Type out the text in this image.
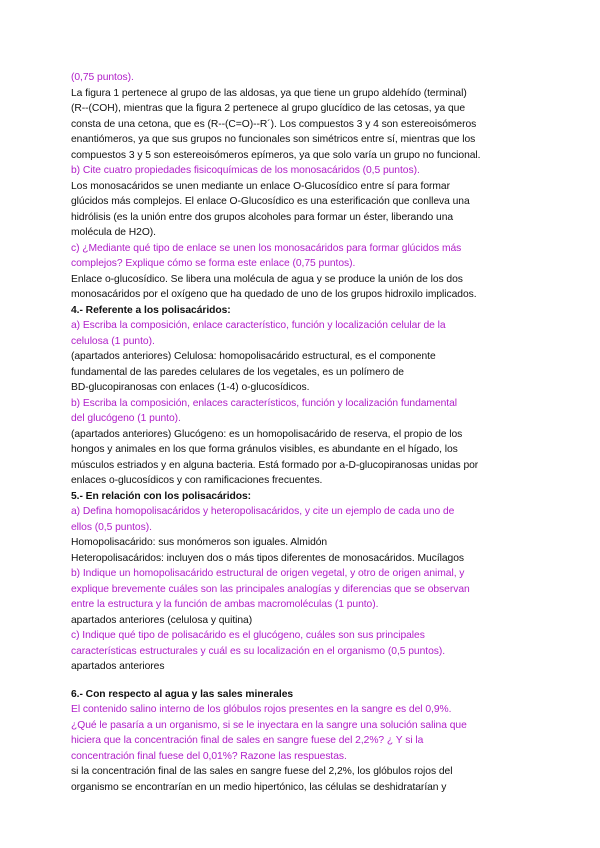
(0,75 puntos).
La figura 1 pertenece al grupo de las aldosas, ya que tiene un grupo aldehído (terminal)
(R--(COH), mientras que la figura 2 pertenece al grupo glucídico de las cetosas, ya que
consta de una cetona, que es (R--(C=O)--R´). Los compuestos 3 y 4 son estereoisómeros
enantiómeros, ya que sus grupos no funcionales son simétricos entre sí, mientras que los
compuestos 3 y 5 son estereoisómeros epímeros, ya que solo varía un grupo no funcional.
b) Cite cuatro propiedades fisicoquímicas de los monosacáridos (0,5 puntos).
Los monosacáridos se unen mediante un enlace O-Glucosídico entre sí para formar
glúcidos más complejos. El enlace O-Glucosídico es una esterificación que conlleva una
hidrólisis (es la unión entre dos grupos alcoholes para formar un éster, liberando una
molécula de H2O).
c) ¿Mediante qué tipo de enlace se unen los monosacáridos para formar glúcidos más
complejos? Explique cómo se forma este enlace (0,75 puntos).
Enlace o-glucosídico. Se libera una molécula de agua y se produce la unión de los dos
monosacáridos por el oxígeno que ha quedado de uno de los grupos hidroxilo implicados.
4.- Referente a los polisacáridos:
a) Escriba la composición, enlace característico, función y localización celular de la
celulosa (1 punto).
(apartados anteriores) Celulosa: homopolisacárido estructural, es el componente
fundamental de las paredes celulares de los vegetales, es un polímero de
BD-glucopiranosas con enlaces (1-4) o-glucosídicos.
b) Escriba la composición, enlaces característicos, función y localización fundamental
del glucógeno (1 punto).
(apartados anteriores) Glucógeno: es un homopolisacárido de reserva, el propio de los
hongos y animales en los que forma gránulos visibles, es abundante en el hígado, los
músculos estriados y en alguna bacteria. Está formado por a-D-glucopiranosas unidas por
enlaces o-glucosídicos y con ramificaciones frecuentes.
5.- En relación con los polisacáridos:
a) Defina homopolisacáridos y heteropolisacáridos, y cite un ejemplo de cada uno de
ellos (0,5 puntos).
Homopolisacárido: sus monómeros son iguales. Almidón
Heteropolisacáridos: incluyen dos o más tipos diferentes de monosacáridos. Mucílagos
b) Indique un homopolisacárido estructural de origen vegetal, y otro de origen animal, y
explique brevemente cuáles son las principales analogías y diferencias que se observan
entre la estructura y la función de ambas macromoléculas (1 punto).
apartados anteriores (celulosa y quitina)
c) Indique qué tipo de polisacárido es el glucógeno, cuáles son sus principales
características estructurales y cuál es su localización en el organismo (0,5 puntos).
apartados anteriores
6.- Con respecto al agua y las sales minerales
El contenido salino interno de los glóbulos rojos presentes en la sangre es del 0,9%.
¿Qué le pasaría a un organismo, si se le inyectara en la sangre una solución salina que
hiciera que la concentración final de sales en sangre fuese del 2,2%? ¿ Y si la
concentración final fuese del 0,01%? Razone las respuestas.
si la concentración final de las sales en sangre fuese del 2,2%, los glóbulos rojos del
organismo se encontrarían en un medio hipertónico, las células se deshidratarían y
